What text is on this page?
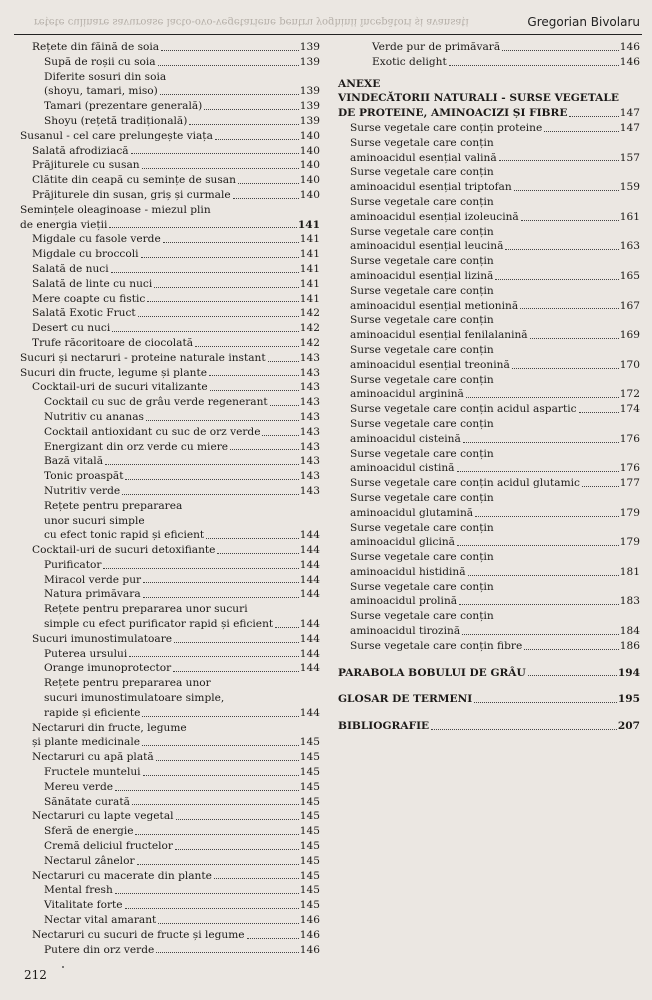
rețete culinare savuroase lacto-ovo-vegetariene pentru yoghinii începători și avansați	Gregorian Bivolaru
Rețete din făină de soia	139
Supă de roșii cu soia	139
Diferite sosuri din soia
(shoyu, tamari, miso)	139
Tamari (prezentare generală)	139
Shoyu (rețetă tradițională)	139
Susanul - cel care prelungește viața	140
Salată afrodiziacă	140
Prăjiturele cu susan	140
Clătite din ceapă cu semințe de susan	140
Prăjiturele din susan, griș și curmale	140
Semințele oleaginoase - miezul plin
de energia vieții	141
Migdale cu fasole verde	141
Migdale cu broccoli	141
Salată de nuci	141
Salată de linte cu nuci	141
Mere coapte cu fistic	141
Salată Exotic Fruct	142
Desert cu nuci	142
Trufe răcoritoare de ciocolată	142
Sucuri și nectaruri - proteine naturale instant	143
Sucuri din fructe, legume și plante	143
Cocktail-uri de sucuri vitalizante	143
Cocktail cu suc de grâu verde regenerant	143
Nutritiv cu ananas	143
Cocktail antioxidant cu suc de orz verde	143
Energizant din orz verde cu miere	143
Bază vitală	143
Tonic proaspăt	143
Nutritiv verde	143
Rețete pentru prepararea
unor sucuri simple
cu efect tonic rapid și eficient	144
Cocktail-uri de sucuri detoxifiante	144
Purificator	144
Miracol verde pur	144
Natura primăvara	144
Rețete pentru prepararea unor sucuri
simple cu efect purificator rapid și eficient	144
Sucuri imunostimulatoare	144
Puterea ursului	144
Orange imunoprotector	144
Rețete pentru prepararea unor
sucuri imunostimulatoare simple,
rapide și eficiente	144
Nectaruri din fructe, legume
și plante medicinale	145
Nectaruri cu apă plată	145
Fructele muntelui	145
Mereu verde	145
Sănătate curată	145
Nectaruri cu lapte vegetal	145
Sferă de energie	145
Cremă deliciul fructelor	145
Nectarul zânelor	145
Nectaruri cu macerate din plante	145
Mental fresh	145
Vitalitate forte	145
Nectar vital amarant	146
Nectaruri cu sucuri de fructe și legume	146
Putere din orz verde	146
Verde pur de primăvară	146
Exotic delight	146
ANEXE
VINDECĂTORII NATURALI - SURSE VEGETALE
DE PROTEINE, AMINOACIZI ȘI FIBRE	147
Surse vegetale care conțin proteine	147
Surse vegetale care conțin
aminoacidul esențial valină	157
Surse vegetale care conțin
aminoacidul esențial triptofan	159
Surse vegetale care conțin
aminoacidul esențial izoleucină	161
Surse vegetale care conțin
aminoacidul esențial leucină	163
Surse vegetale care conțin
aminoacidul esențial lizină	165
Surse vegetale care conțin
aminoacidul esențial metionină	167
Surse vegetale care conțin
aminoacidul esențial fenilalanină	169
Surse vegetale care conțin
aminoacidul esențial treonină	170
Surse vegetale care conțin
aminoacidul arginină	172
Surse vegetale care conțin acidul aspartic	174
Surse vegetale care conțin
aminoacidul cisteină	176
Surse vegetale care conțin
aminoacidul cistină	176
Surse vegetale care conțin acidul glutamic	177
Surse vegetale care conțin
aminoacidul glutamină	179
Surse vegetale care conțin
aminoacidul glicină	179
Surse vegetale care conțin
aminoacidul histidină	181
Surse vegetale care conțin
aminoacidul prolină	183
Surse vegetale care conțin
aminoacidul tirozină	184
Surse vegetale care conțin fibre	186
PARABOLA BOBULUI DE GRÂU	194
GLOSAR DE TERMENI	195
BIBLIOGRAFIE	207
212
